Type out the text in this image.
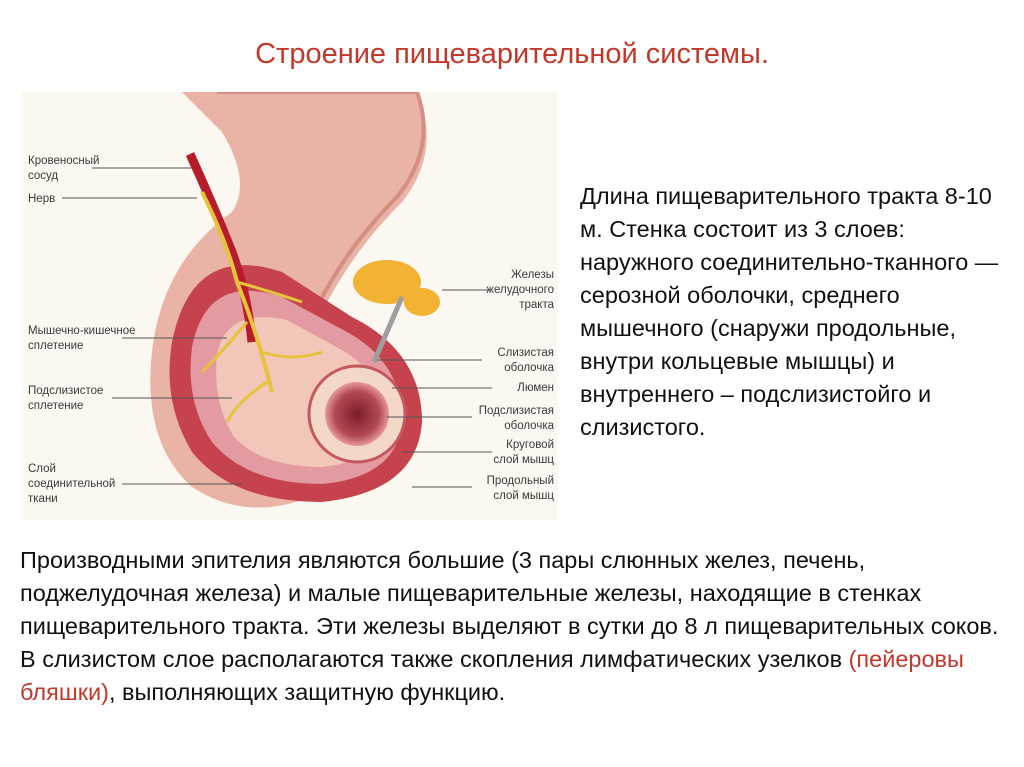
Строение пищеварительной системы.
Кровеносный
сосуд
Нерв
Мышечно-кишечное
сплетение
Подслизистое
сплетение
Слой
соединительной
ткани
Железы
желудочного
тракта
Слизистая
оболочка
Люмен
Подслизистая
оболочка
Круговой
слой мышц
Продольный
слой мышц
Длина пищеварительного тракта 8-10 м. Стенка состоит из 3 слоев: наружного соединительно-тканного — серозной оболочки, среднего мышечного (снаружи продольные, внутри кольцевые мышцы) и внутреннего – подслизистойго и слизистого.
Производными эпителия являются большие (3 пары слюнных желез, печень, поджелудочная железа) и малые пищеварительные железы, находящие в стенках пищеварительного тракта. Эти железы выделяют в сутки до 8 л пищеварительных соков.
В слизистом слое располагаются также скопления лимфатических узелков (пейеровы бляшки), выполняющих защитную функцию.
